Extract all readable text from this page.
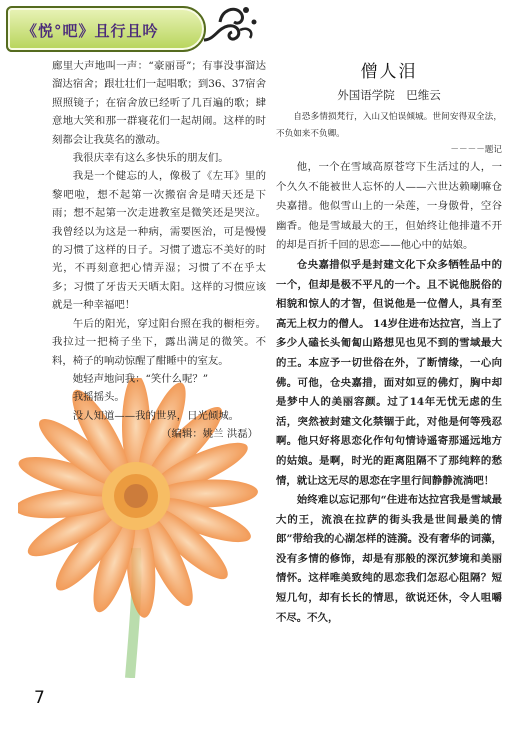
《悦°吧》且行且吟

廊里大声地叫一声：“豪丽哥”；有事没事溜达溜达宿舍；跟壮壮们一起唱歌；到36、37宿舍照照镜子；在宿舍放已经听了几百遍的歌；肆意地大笑和那一群寝花们一起胡闹。这样的时刻都会让我莫名的激动。

我很庆幸有这么多快乐的朋友们。

我是一个健忘的人，像极了《左耳》里的黎吧啦，想不起第一次搬宿舍是晴天还是下雨；想不起第一次走进教室是微笑还是哭泣。我曾经以为这是一种病，需要医治，可是慢慢的习惯了这样的日子。习惯了遗忘不美好的时光，不再刻意把心情弄湿；习惯了不在乎太多；习惯了牙齿天天晒太阳。这样的习惯应该就是一种幸福吧！

午后的阳光，穿过阳台照在我的橱柜旁。我拉过一把椅子坐下，露出满足的微笑。不料，椅子的响动惊醒了酣睡中的室友。

她轻声地问我：“笑什么呢？”

我摇摇头。

没人知道——我的世界，日光倾城。

（编辑：姚兰 洪磊）

僧人泪
外国语学院　巴维云

自恐多情损梵行，入山又怕误倾城。世间安得双全法，不负如来不负卿。

－－－－题记

他，一个在雪域高原苍穹下生活过的人，一个久久不能被世人忘怀的人——六世达赖喇嘛仓央嘉措。他似雪山上的一朵莲，一身傲骨，空谷幽香。他是雪域最大的王，但始终让他排遣不开的却是百折千回的思恋——他心中的姑娘。

仓央嘉措似乎是封建文化下众多牺牲品中的一个，但却是极不平凡的一个。且不说他脱俗的相貌和惊人的才智，但说他是一位僧人，具有至高无上权力的僧人。 14岁住进布达拉宫，当上了多少人磕长头匍匐山路想见也见不到的雪域最大的王。本应予一切世俗在外，了断情缘，一心向佛。可他，仓央嘉措，面对如豆的佛灯，胸中却是梦中人的美丽容颜。过了14年无忧无虑的生活，突然被封建文化禁锢于此，对他是何等残忍啊。他只好将思恋化作句句情诗遥寄那遥远地方的姑娘。是啊，时光的距离阻隔不了那纯粹的愁情，就让这无尽的思恋在字里行间静静流淌吧！

始终难以忘记那句“住进布达拉宫我是雪域最大的王，流浪在拉萨的街头我是世间最美的情郎”带给我的心湖怎样的涟漪。没有奢华的词藻，没有多情的修饰，却是有那般的深沉梦境和美丽情怀。这样唯美致纯的思恋我们怎忍心阻隔？短短几句，却有长长的情思，欲说还休，令人咀嚼不尽。不久，

7
